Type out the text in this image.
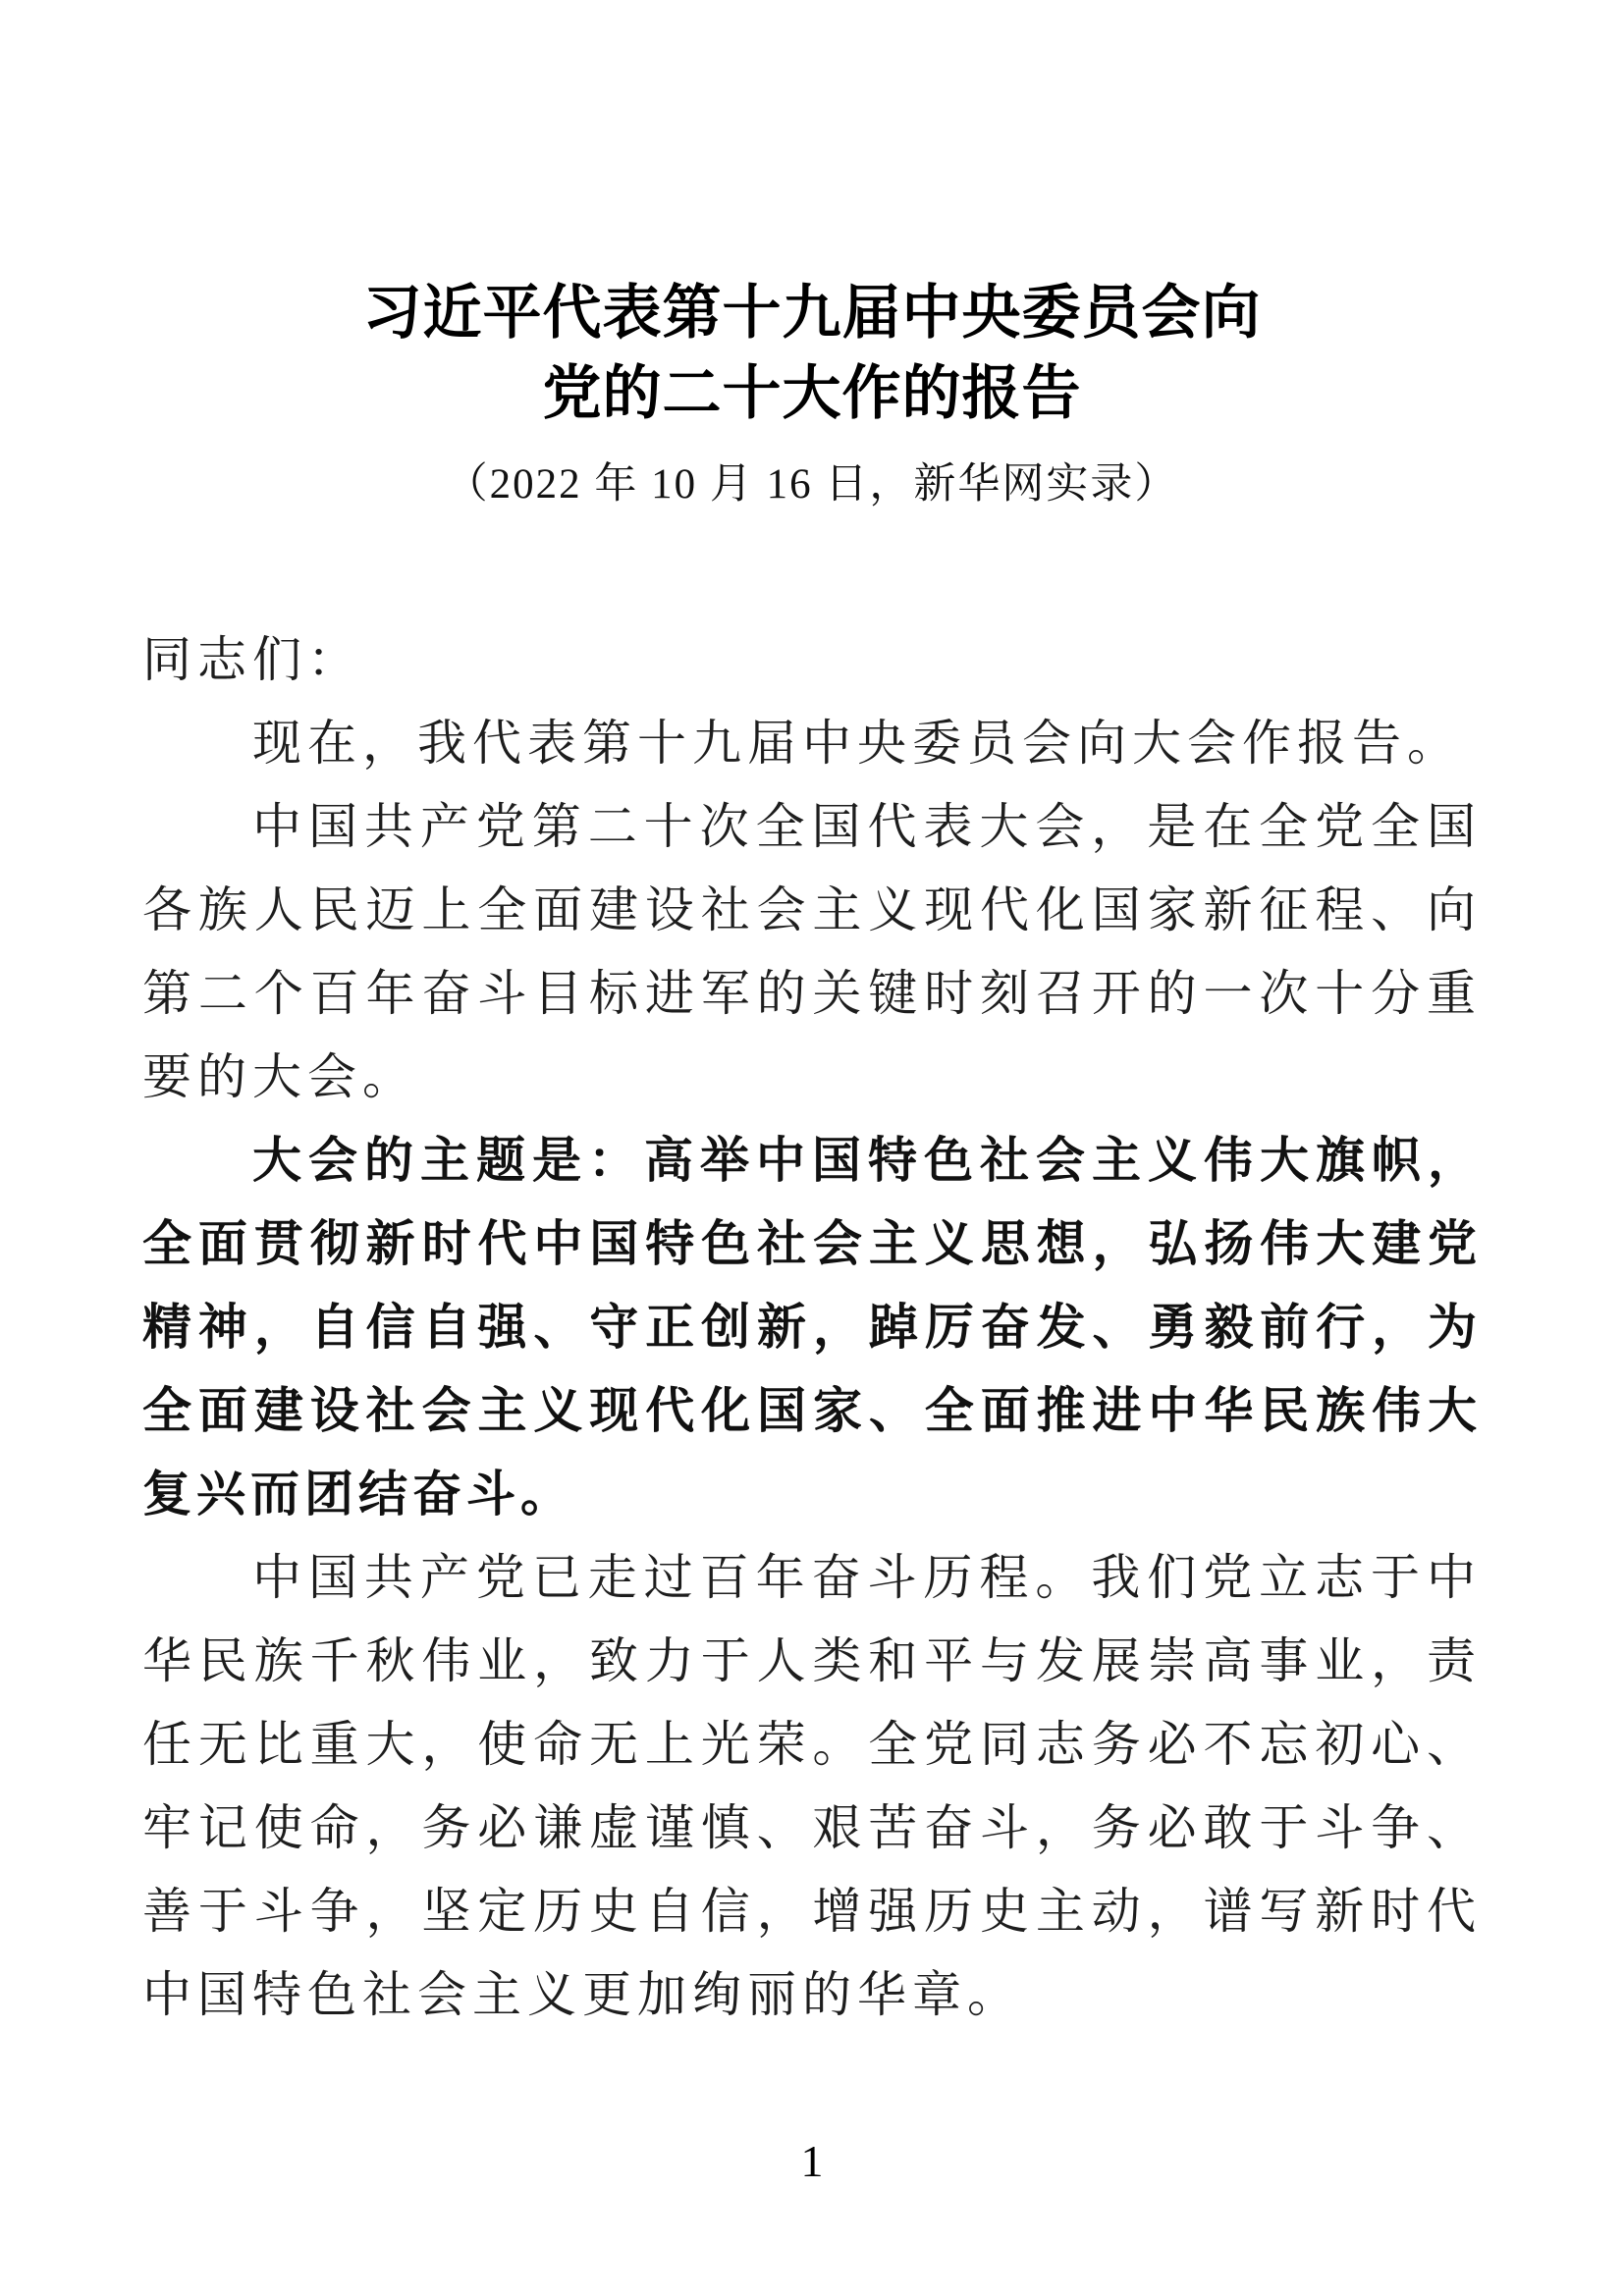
习近平代表第十九届中央委员会向
党的二十大作的报告
（2022 年 10 月 16 日，新华网实录）

同志们：

现在，我代表第十九届中央委员会向大会作报告。

中国共产党第二十次全国代表大会，是在全党全国各族人民迈上全面建设社会主义现代化国家新征程、向第二个百年奋斗目标进军的关键时刻召开的一次十分重要的大会。

大会的主题是：高举中国特色社会主义伟大旗帜，全面贯彻新时代中国特色社会主义思想，弘扬伟大建党精神，自信自强、守正创新，踔厉奋发、勇毅前行，为全面建设社会主义现代化国家、全面推进中华民族伟大复兴而团结奋斗。

中国共产党已走过百年奋斗历程。我们党立志于中华民族千秋伟业，致力于人类和平与发展崇高事业，责任无比重大，使命无上光荣。全党同志务必不忘初心、牢记使命，务必谦虚谨慎、艰苦奋斗，务必敢于斗争、善于斗争，坚定历史自信，增强历史主动，谱写新时代中国特色社会主义更加绚丽的华章。

1
